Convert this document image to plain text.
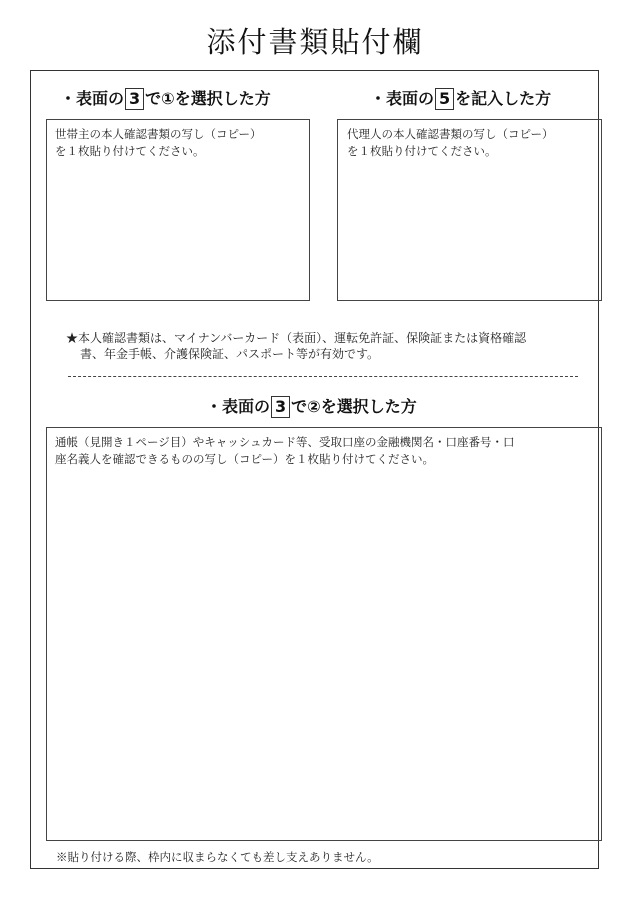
添付書類貼付欄
・表面の 3 で①を選択した方
世帯主の本人確認書類の写し（コピー）
を１枚貼り付けてください。
・表面の 5 を記入した方
代理人の本人確認書類の写し（コピー）
を１枚貼り付けてください。
★本人確認書類は、マイナンバーカード（表面）、運転免許証、保険証または資格確認
書、年金手帳、介護保険証、パスポート等が有効です。
・表面の 3 で②を選択した方
通帳（見開き１ページ目）やキャッシュカード等、受取口座の金融機関名・口座番号・口
座名義人を確認できるものの写し（コピー）を１枚貼り付けてください。
※貼り付ける際、枠内に収まらなくても差し支えありません。
